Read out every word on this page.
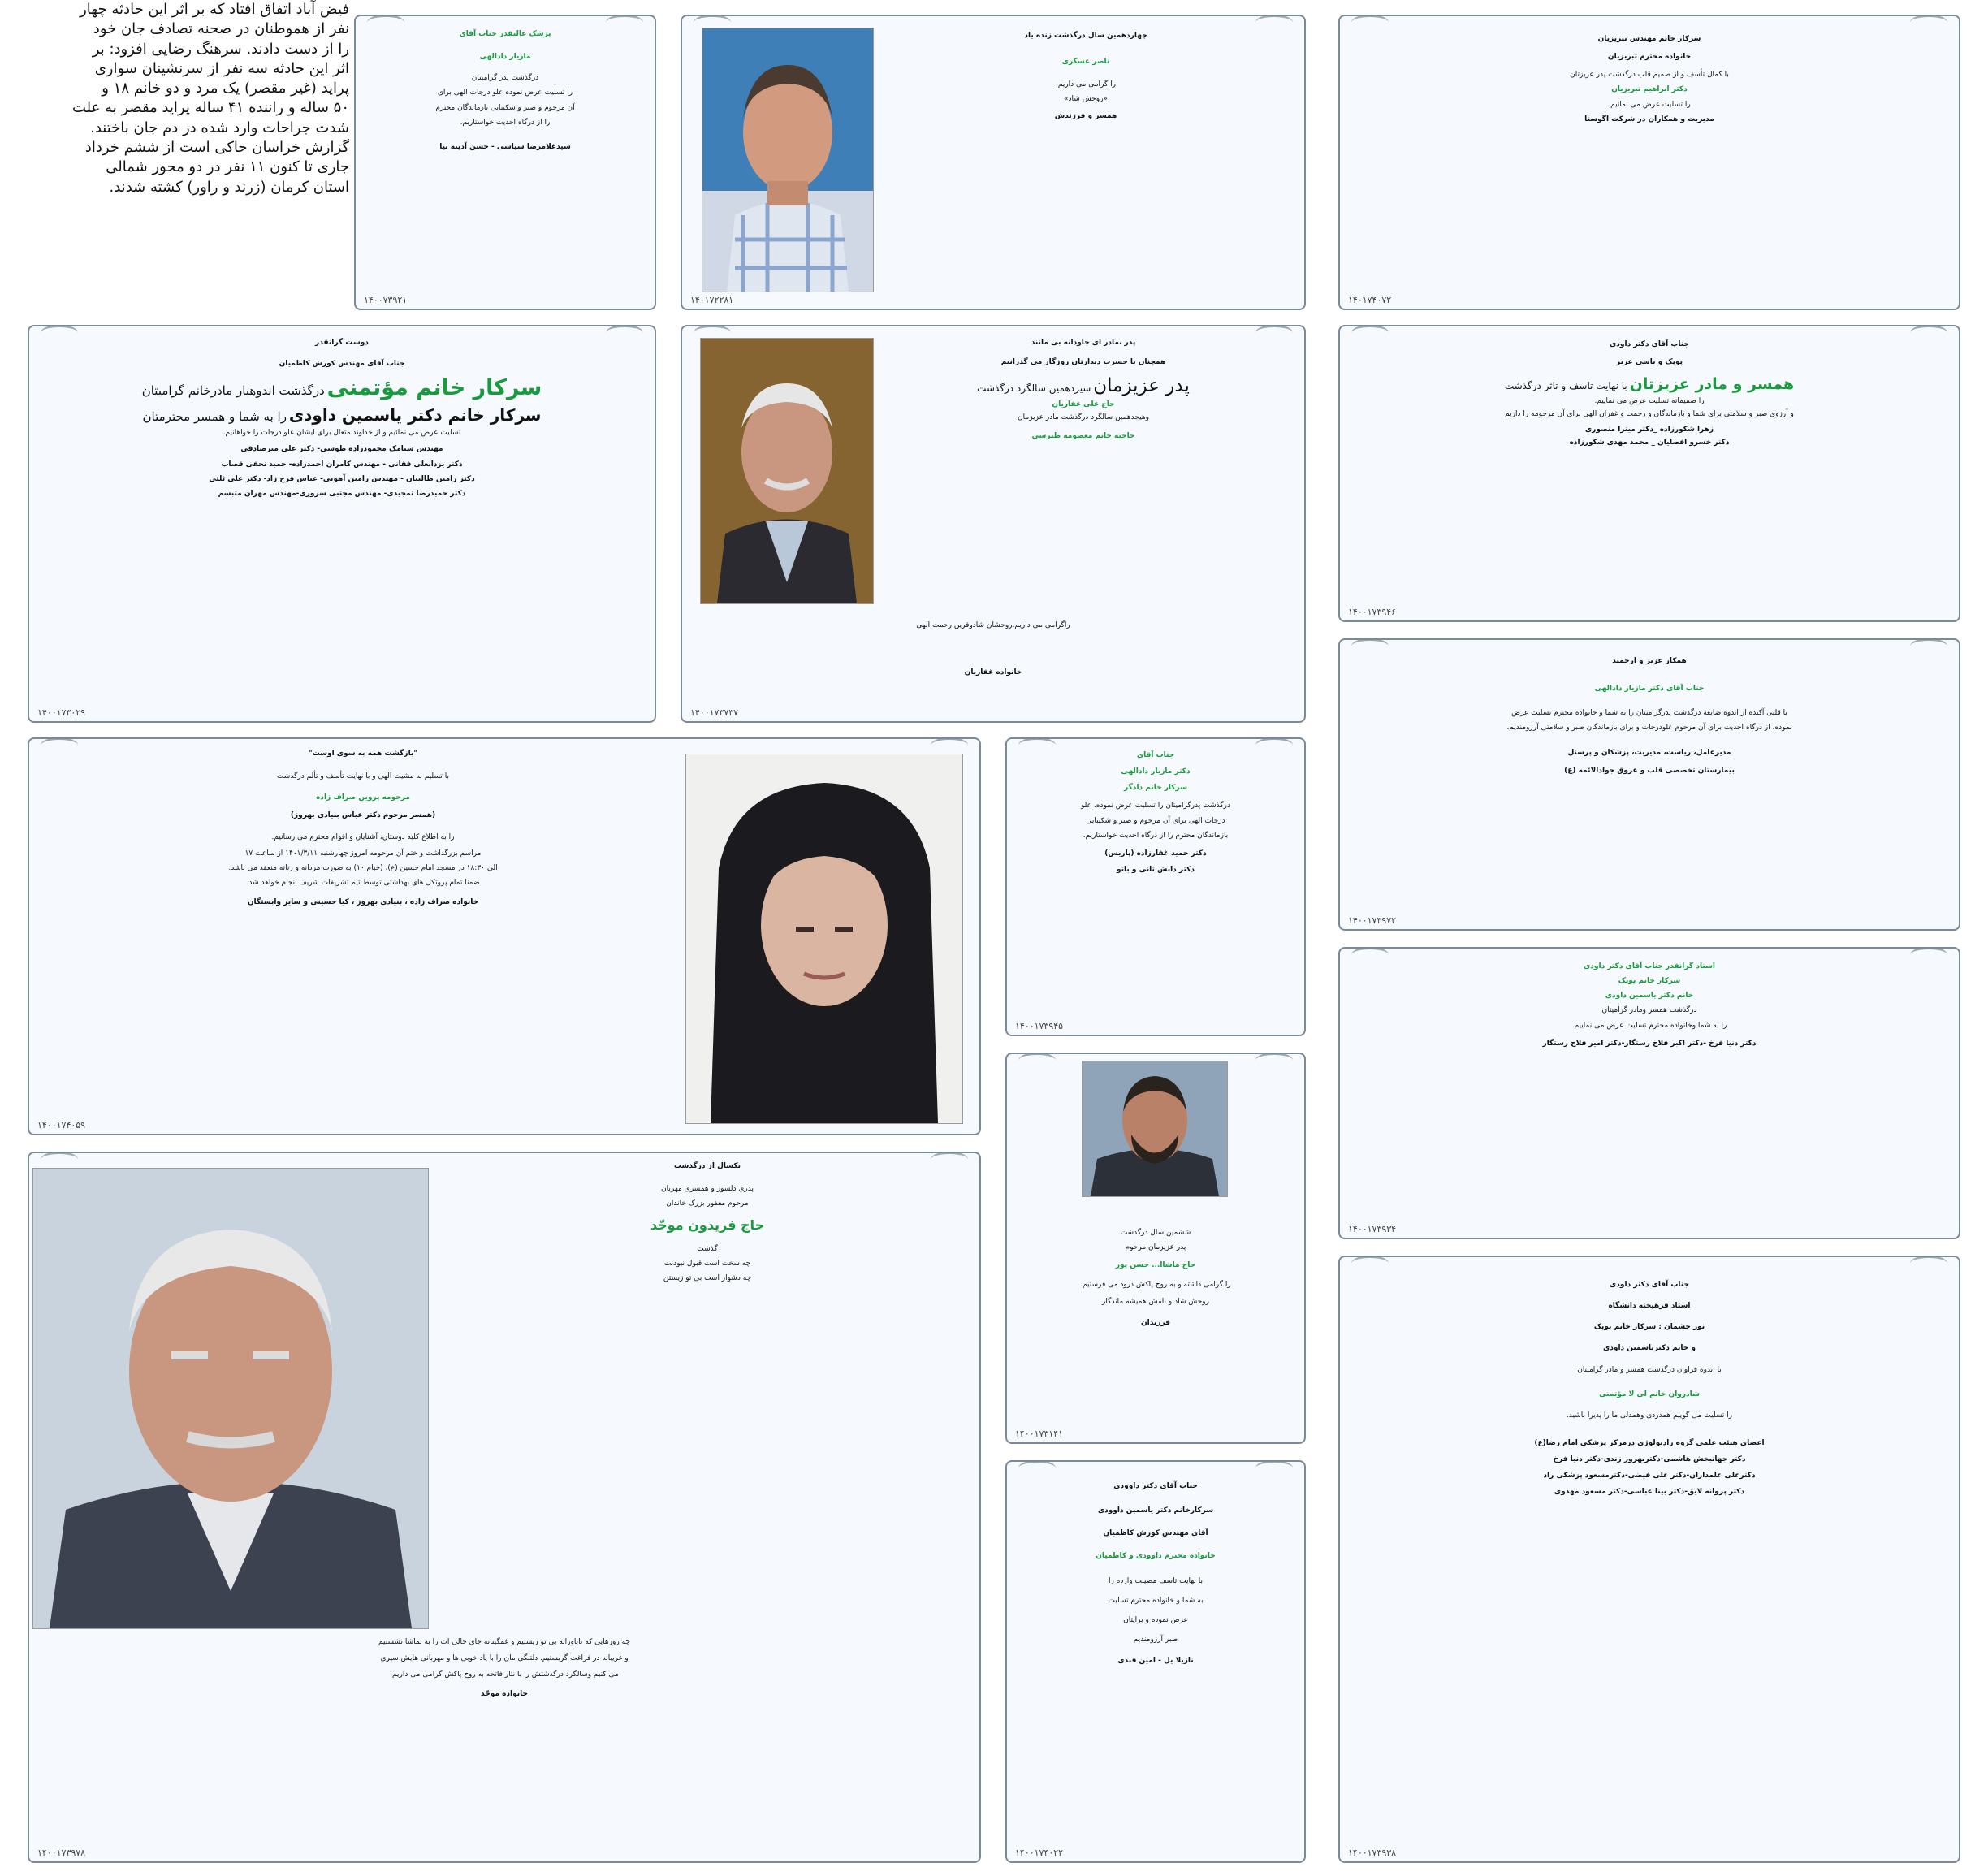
فیض آباد اتفاق افتاد که بر اثر این حادثه چهار
نفر از هموطنان در صحنه تصادف جان خود
را از دست دادند. سرهنگ رضایی افزود: بر
اثر این حادثه سه نفر از سرنشینان سواری
پراید (غیر مقصر) یک مرد و دو خانم ۱۸ و
۵۰ ساله و راننده ۴۱ ساله پراید مقصر به علت
شدت جراحات وارد شده در دم جان باختند.
گزارش خراسان حاکی است از ششم خرداد
جاری تا کنون ۱۱ نفر در دو محور شمالی
استان کرمان (زرند و راور) کشته شدند.
سرکار خانم مهندس تبریزیان
خانواده محترم تبریزیان
با کمال تأسف و از صمیم قلب درگذشت پدر عزیزتان
دکتر ابراهیم تبریزیان
را تسلیت عرض می نمائیم.
مدیریت و همکاران در شرکت اگوستا
۱۴۰۱۷۴۰۷۲
چهاردهمین سال درگذشت زنده یاد
ناصر عسکری
را گرامی می داریم.
«روحش شاد»
همسر و فرزندش
۱۴۰۱۷۲۲۸۱
پزشک عالیقدر جناب آقای
مازیار دادالهی
درگذشت پدر گرامیتان
را تسلیت عرض نموده علو درجات الهی برای
آن مرحوم و صبر و شکیبایی بازماندگان محترم
را از درگاه احدیت خواستاریم.
سیدغلامرضا سیاسی - حسن آدینه نیا
۱۴۰۰۷۳۹۲۱
دوست گرانقدر
جناب آقای مهندس کورش کاظمیان
سرکار خانم مؤتمنی درگذشت اندوهبار مادرخانم گرامیتان
سرکار خانم دکتر یاسمین داودی را به شما و همسر محترمتان
تسلیت عرض می نمائیم و از خداوند متعال برای ایشان علو درجات را خواهانیم.
مهندس سیامک محمودزاده طوسی- دکتر علی میرصادقی
دکتر یزدانعلی فقانی - مهندس کامران احمدزاده- حمید نجفی قصاب
دکتر رامین طالبیان - مهندس رامین آهویی- عباس فرج زاد- دکتر علی ثلثی
دکتر حمیدرضا تمجیدی- مهندس مجتبی سروری-مهندس مهران متبسم
۱۴۰۰۱۷۳۰۲۹
پدر ،مادر ای جاودانه بی مانند
همچنان با حسرت دیدارتان روزگار می گذرانیم
پدر عزیزمان سیزدهمین سالگرد درگذشت
حاج علی غفاریان
وهیجدهمین سالگرد درگذشت مادر عزیزمان
حاجیه خانم معصومه طبرسی
راگرامی می داریم.روحشان شادوقرین رحمت الهی
خانواده غفاریان
۱۴۰۰۱۷۳۷۳۷
جناب آقای دکتر داودی
پوپک و یاسی عزیز
همسر و مادر عزیزتان با نهایت تاسف و تاثر درگذشت
را صمیمانه تسلیت عرض می نماییم.
و آرزوی صبر و سلامتی برای شما و بازماندگان و رحمت و غفران الهی برای آن مرحومه را داریم
زهرا شکورزاده _دکتر میترا منصوری
دکتر خسرو افضلیان _ محمد مهدی شکورزاده
۱۴۰۰۱۷۳۹۴۶
همکار عزیز و ارجمند
جناب آقای دکتر مازیار دادالهی
با قلبی آکنده از اندوه ضایعه درگذشت پدرگرامیتان را به شما و خانواده محترم تسلیت عرض
نموده، از درگاه احدیت برای آن مرحوم علودرجات و برای بازماندگان صبر و سلامتی آرزومندیم.
مدیرعامل، ریاست، مدیریت، پزشکان و پرسنل
بیمارستان تخصصی قلب و عروق جوادالائمه (ع)
۱۴۰۰۱۷۳۹۷۲
"بازگشت همه به سوی اوست"
با تسلیم به مشیت الهی و با نهایت تأسف و تألم درگذشت
مرحومه پروین صراف زاده
(همسر مرحوم دکتر عباس بنیادی بهروز)
را به اطلاع کلیه دوستان، آشنایان و اقوام محترم می رسانیم.
مراسم بزرگداشت و ختم آن مرحومه امروز چهارشنبه ۱۴۰۱/۳/۱۱ از ساعت ۱۷
الی ۱۸:۳۰ در مسجد امام حسین (ع)، (خیام ۱۰) به صورت مردانه و زنانه منعقد می باشد.
ضمنا تمام پروتکل های بهداشتی توسط تیم تشریفات شریف انجام خواهد شد.
خانواده صراف زاده ، بنیادی بهروز ، کیا حسینی و سایر وابستگان
۱۴۰۰۱۷۴۰۵۹
جناب آقای
دکتر مازیار دادالهی
سرکار خانم دادگر
درگذشت پدرگرامیتان را تسلیت عرض نموده، علو
درجات الهی برای آن مرحوم و صبر و شکیبایی
بازماندگان محترم را از درگاه احدیت خواستاریم.
دکتر حمید غفارزاده (پاریس)
دکتر دانش ثانی و بانو
۱۴۰۰۱۷۳۹۴۵
استاد گرانقدر جناب آقای دکتر داودی
سرکار خانم پوپک
خانم دکتر یاسمین داودی
درگذشت همسر ومادر گرامیتان
را به شما وخانواده محترم تسلیت عرض می نماییم.
دکتر دنیا فرخ -دکتر اکبر فلاح رستگار-دکتر امیر فلاح رستگار
۱۴۰۰۱۷۳۹۳۴
یکسال از درگذشت
پدری دلسوز و همسری مهربان
مرحوم مغفور بزرگ خاندان
حاج فریدون موحّد
گذشت
چه سخت است قبول نبودنت
چه دشوار است بی تو زیستن
چه روزهایی که ناباورانه بی تو زیستیم و غمگینانه جای خالی ات را به تماشا نشستیم
و غریبانه در فراغت گریستیم. دلتنگی مان را با یاد خوبی ها و مهربانی هایش سپری
می کنیم وسالگرد درگذشتش را با نثار فاتحه به روح پاکش گرامی می داریم.
خانواده موحّد
۱۴۰۰۱۷۳۹۷۸
ششمین سال درگذشت
پدر عزیزمان مرحوم
حاج ماشاا... حسن پور
را گرامی داشته و به روح پاکش درود می فرستیم.
روحش شاد و نامش همیشه ماندگار
فرزندان
۱۴۰۰۱۷۳۱۴۱
جناب آقای دکتر داوودی
سرکارخانم دکتر یاسمین داوودی
آقای مهندس کورش کاظمیان
خانواده محترم داوودی و کاظمیان
با نهایت تاسف مصیبت وارده را
به شما و خانواده محترم تسلیت
عرض نموده و برایتان
صبر آرزومندیم
نازیلا یل - امین قندی
۱۴۰۰۱۷۴۰۲۲
جناب آقای دکتر داودی
استاد فرهیخته دانشگاه
نور چشمان : سرکار خانم پوپک
و خانم دکتریاسمین داودی
با اندوه فراوان درگذشت همسر و مادر گرامیتان
شادروان خانم لی لا مؤتمنی
را تسلیت می گوییم همدردی وهمدلی ما را پذیرا باشید.
اعضای هیئت علمی گروه رادیولوژی درمرکز پزشکی امام رضا(ع)
دکتر جهانبخش هاشمی-دکتربهروز زندی-دکتر دنیا فرخ
دکترعلی علمداران-دکتر علی فیضی-دکترمسعود پزشکی راد
دکتر پروانه لایق-دکتر بینا عباسی-دکتر مسعود مهدوی
۱۴۰۰۱۷۳۹۳۸
